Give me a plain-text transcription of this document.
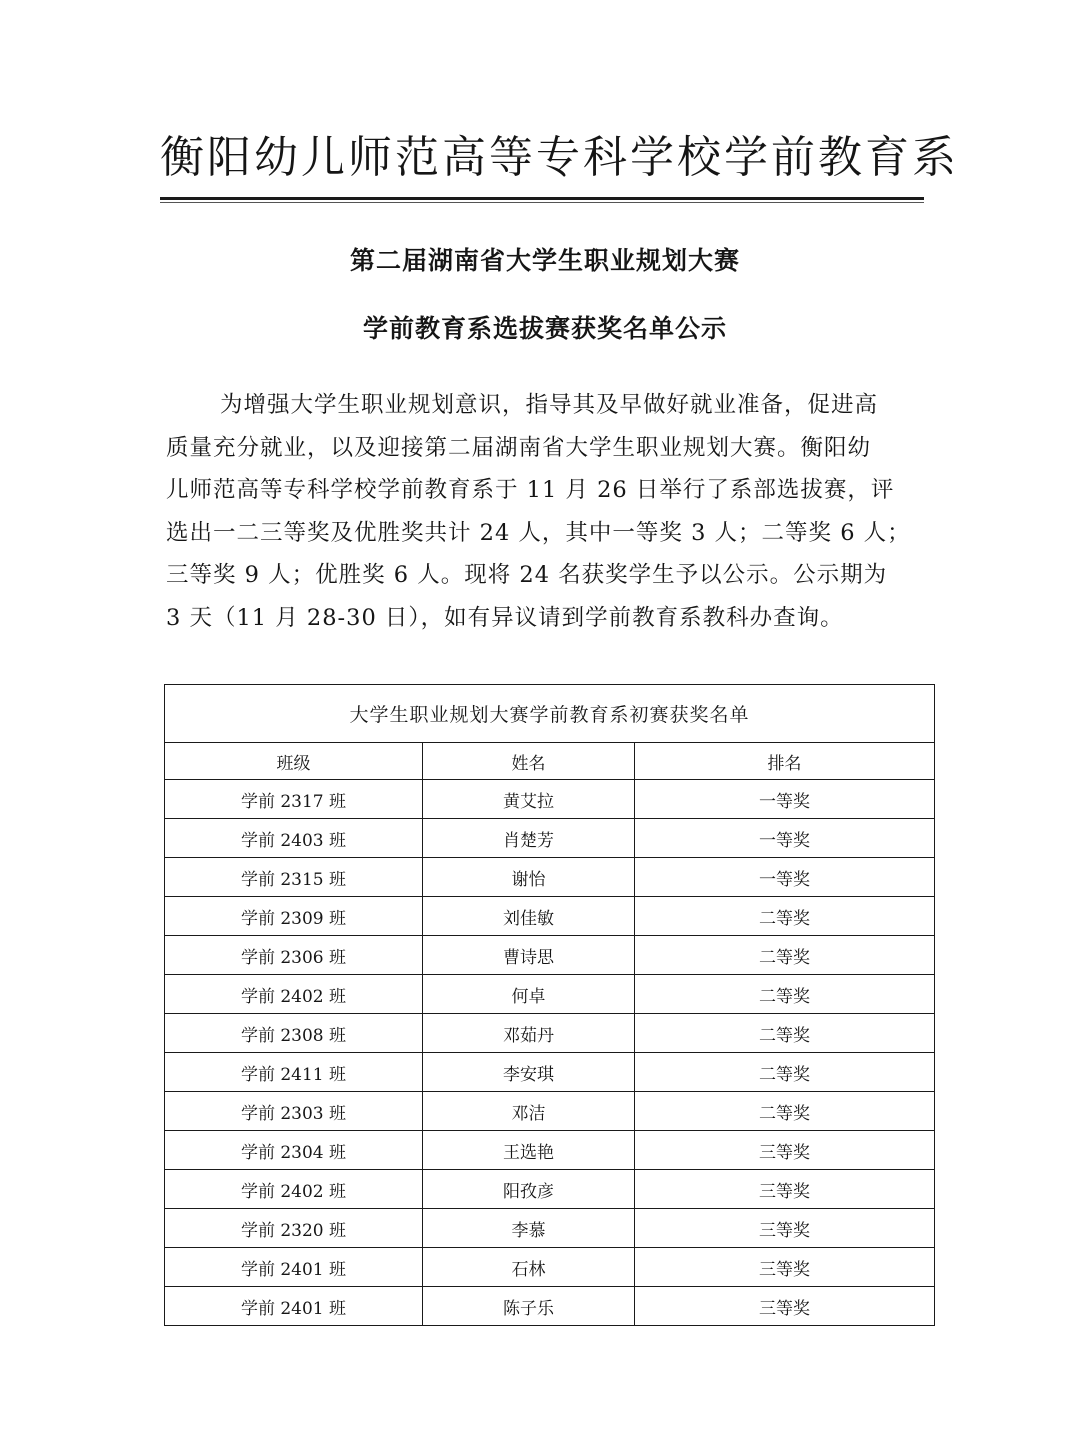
衡阳幼儿师范高等专科学校学前教育系
第二届湖南省大学生职业规划大赛
学前教育系选拔赛获奖名单公示
为增强大学生职业规划意识，指导其及早做好就业准备，促进高
质量充分就业，以及迎接第二届湖南省大学生职业规划大赛。衡阳幼
儿师范高等专科学校学前教育系于 11 月 26 日举行了系部选拔赛，评
选出一二三等奖及优胜奖共计 24 人，其中一等奖 3 人；二等奖 6 人；
三等奖 9 人；优胜奖 6 人。现将 24 名获奖学生予以公示。公示期为
3 天（11 月 28-30 日），如有异议请到学前教育系教科办查询。
大学生职业规划大赛学前教育系初赛获奖名单		
班级	姓名	排名
学前 2317 班	黄艾拉	一等奖
学前 2403 班	肖楚芳	一等奖
学前 2315 班	谢怡	一等奖
学前 2309 班	刘佳敏	二等奖
学前 2306 班	曹诗思	二等奖
学前 2402 班	何卓	二等奖
学前 2308 班	邓茹丹	二等奖
学前 2411 班	李安琪	二等奖
学前 2303 班	邓洁	二等奖
学前 2304 班	王选艳	三等奖
学前 2402 班	阳孜彦	三等奖
学前 2320 班	李慕	三等奖
学前 2401 班	石林	三等奖
学前 2401 班	陈子乐	三等奖
